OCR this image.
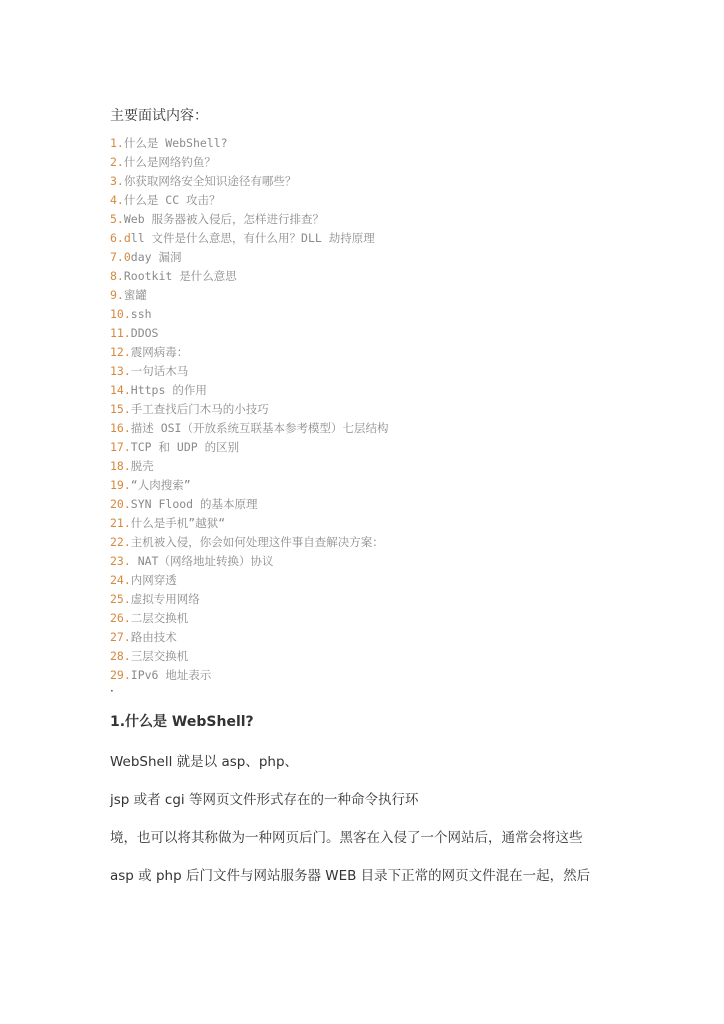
主要面试内容：
1.什么是 WebShell?
2.什么是网络钓鱼？
3.你获取网络安全知识途径有哪些？
4.什么是 CC 攻击？
5.Web 服务器被入侵后，怎样进行排查？
6.dll 文件是什么意思，有什么用？DLL 劫持原理
7.0day 漏洞
8.Rootkit 是什么意思
9.蜜罐
10.ssh
11.DDOS
12.震网病毒：
13.一句话木马
14.Https 的作用
15.手工查找后门木马的小技巧
16.描述 OSI（开放系统互联基本参考模型）七层结构
17.TCP 和 UDP 的区别
18.脱壳
19.“人肉搜索”
20.SYN Flood 的基本原理
21.什么是手机”越狱“
22.主机被入侵，你会如何处理这件事自查解决方案：
23. NAT（网络地址转换）协议
24.内网穿透
25.虚拟专用网络
26.二层交换机
27.路由技术
28.三层交换机
29.IPv6 地址表示
·
1.什么是 WebShell?
WebShell 就是以 asp、php、
jsp 或者 cgi 等网页文件形式存在的一种命令执行环
境，也可以将其称做为一种网页后门。黑客在入侵了一个网站后，通常会将这些
asp 或 php 后门文件与网站服务器 WEB 目录下正常的网页文件混在一起，然后
